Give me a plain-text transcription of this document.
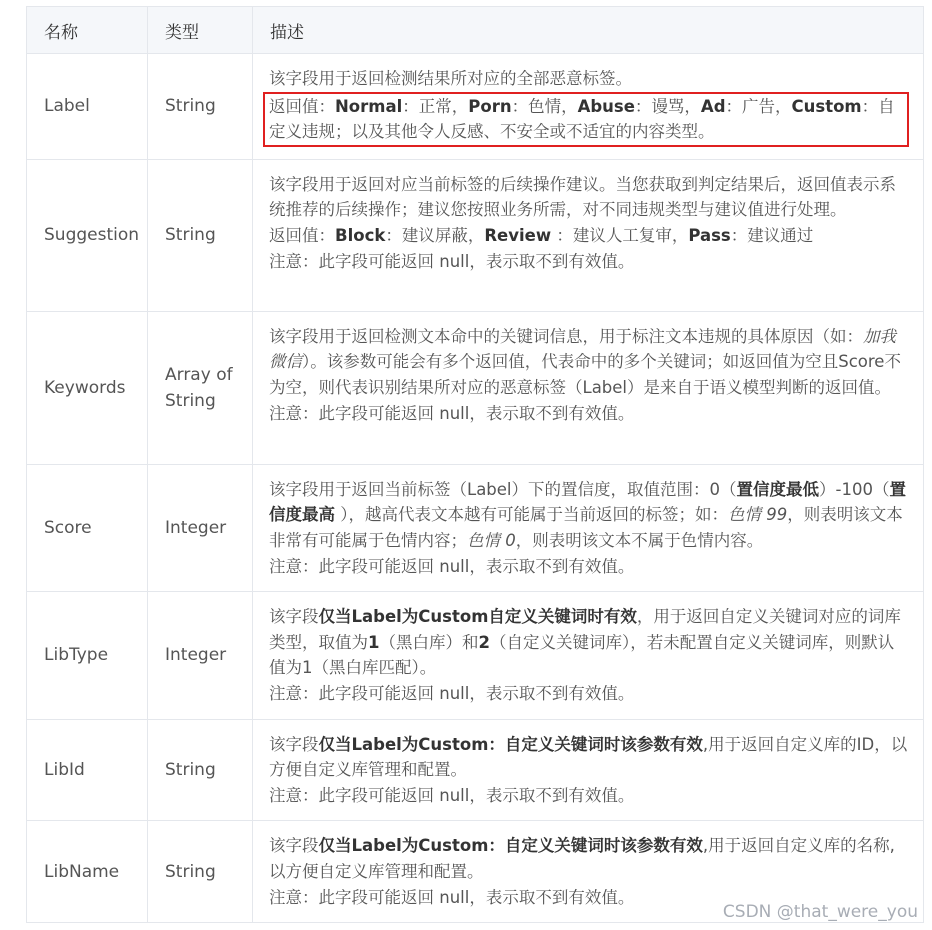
名称	类型	描述
Label	String	该字段用于返回检测结果所对应的全部恶意标签。
返回值：Normal：正常，Porn：色情，Abuse：谩骂，Ad：广告，Custom：自定义违规；以及其他令人反感、不安全或不适宜的内容类型。

Suggestion	String	该字段用于返回对应当前标签的后续操作建议。当您获取到判定结果后，返回值表示系统推荐的后续操作；建议您按照业务所需，对不同违规类型与建议值进行处理。
返回值：Block：建议屏蔽，Review ：建议人工复审，Pass：建议通过
注意：此字段可能返回 null，表示取不到有效值。

Keywords	Array of String	该字段用于返回检测文本命中的关键词信息，用于标注文本违规的具体原因（如：加我微信）。该参数可能会有多个返回值，代表命中的多个关键词；如返回值为空且Score不为空，则代表识别结果所对应的恶意标签（Label）是来自于语义模型判断的返回值。
注意：此字段可能返回 null，表示取不到有效值。

Score	Integer	该字段用于返回当前标签（Label）下的置信度，取值范围：0（置信度最低）-100（置信度最高 ），越高代表文本越有可能属于当前返回的标签；如：色情 99，则表明该文本非常有可能属于色情内容；色情 0，则表明该文本不属于色情内容。
注意：此字段可能返回 null，表示取不到有效值。

LibType	Integer	该字段仅当Label为Custom自定义关键词时有效，用于返回自定义关键词对应的词库类型，取值为1（黑白库）和2（自定义关键词库），若未配置自定义关键词库，则默认值为1（黑白库匹配）。
注意：此字段可能返回 null，表示取不到有效值。

LibId	String	该字段仅当Label为Custom：自定义关键词时该参数有效,用于返回自定义库的ID，以方便自定义库管理和配置。
注意：此字段可能返回 null，表示取不到有效值。

LibName	String	该字段仅当Label为Custom：自定义关键词时该参数有效,用于返回自定义库的名称,以方便自定义库管理和配置。
注意：此字段可能返回 null，表示取不到有效值。
CSDN @that_were_you
